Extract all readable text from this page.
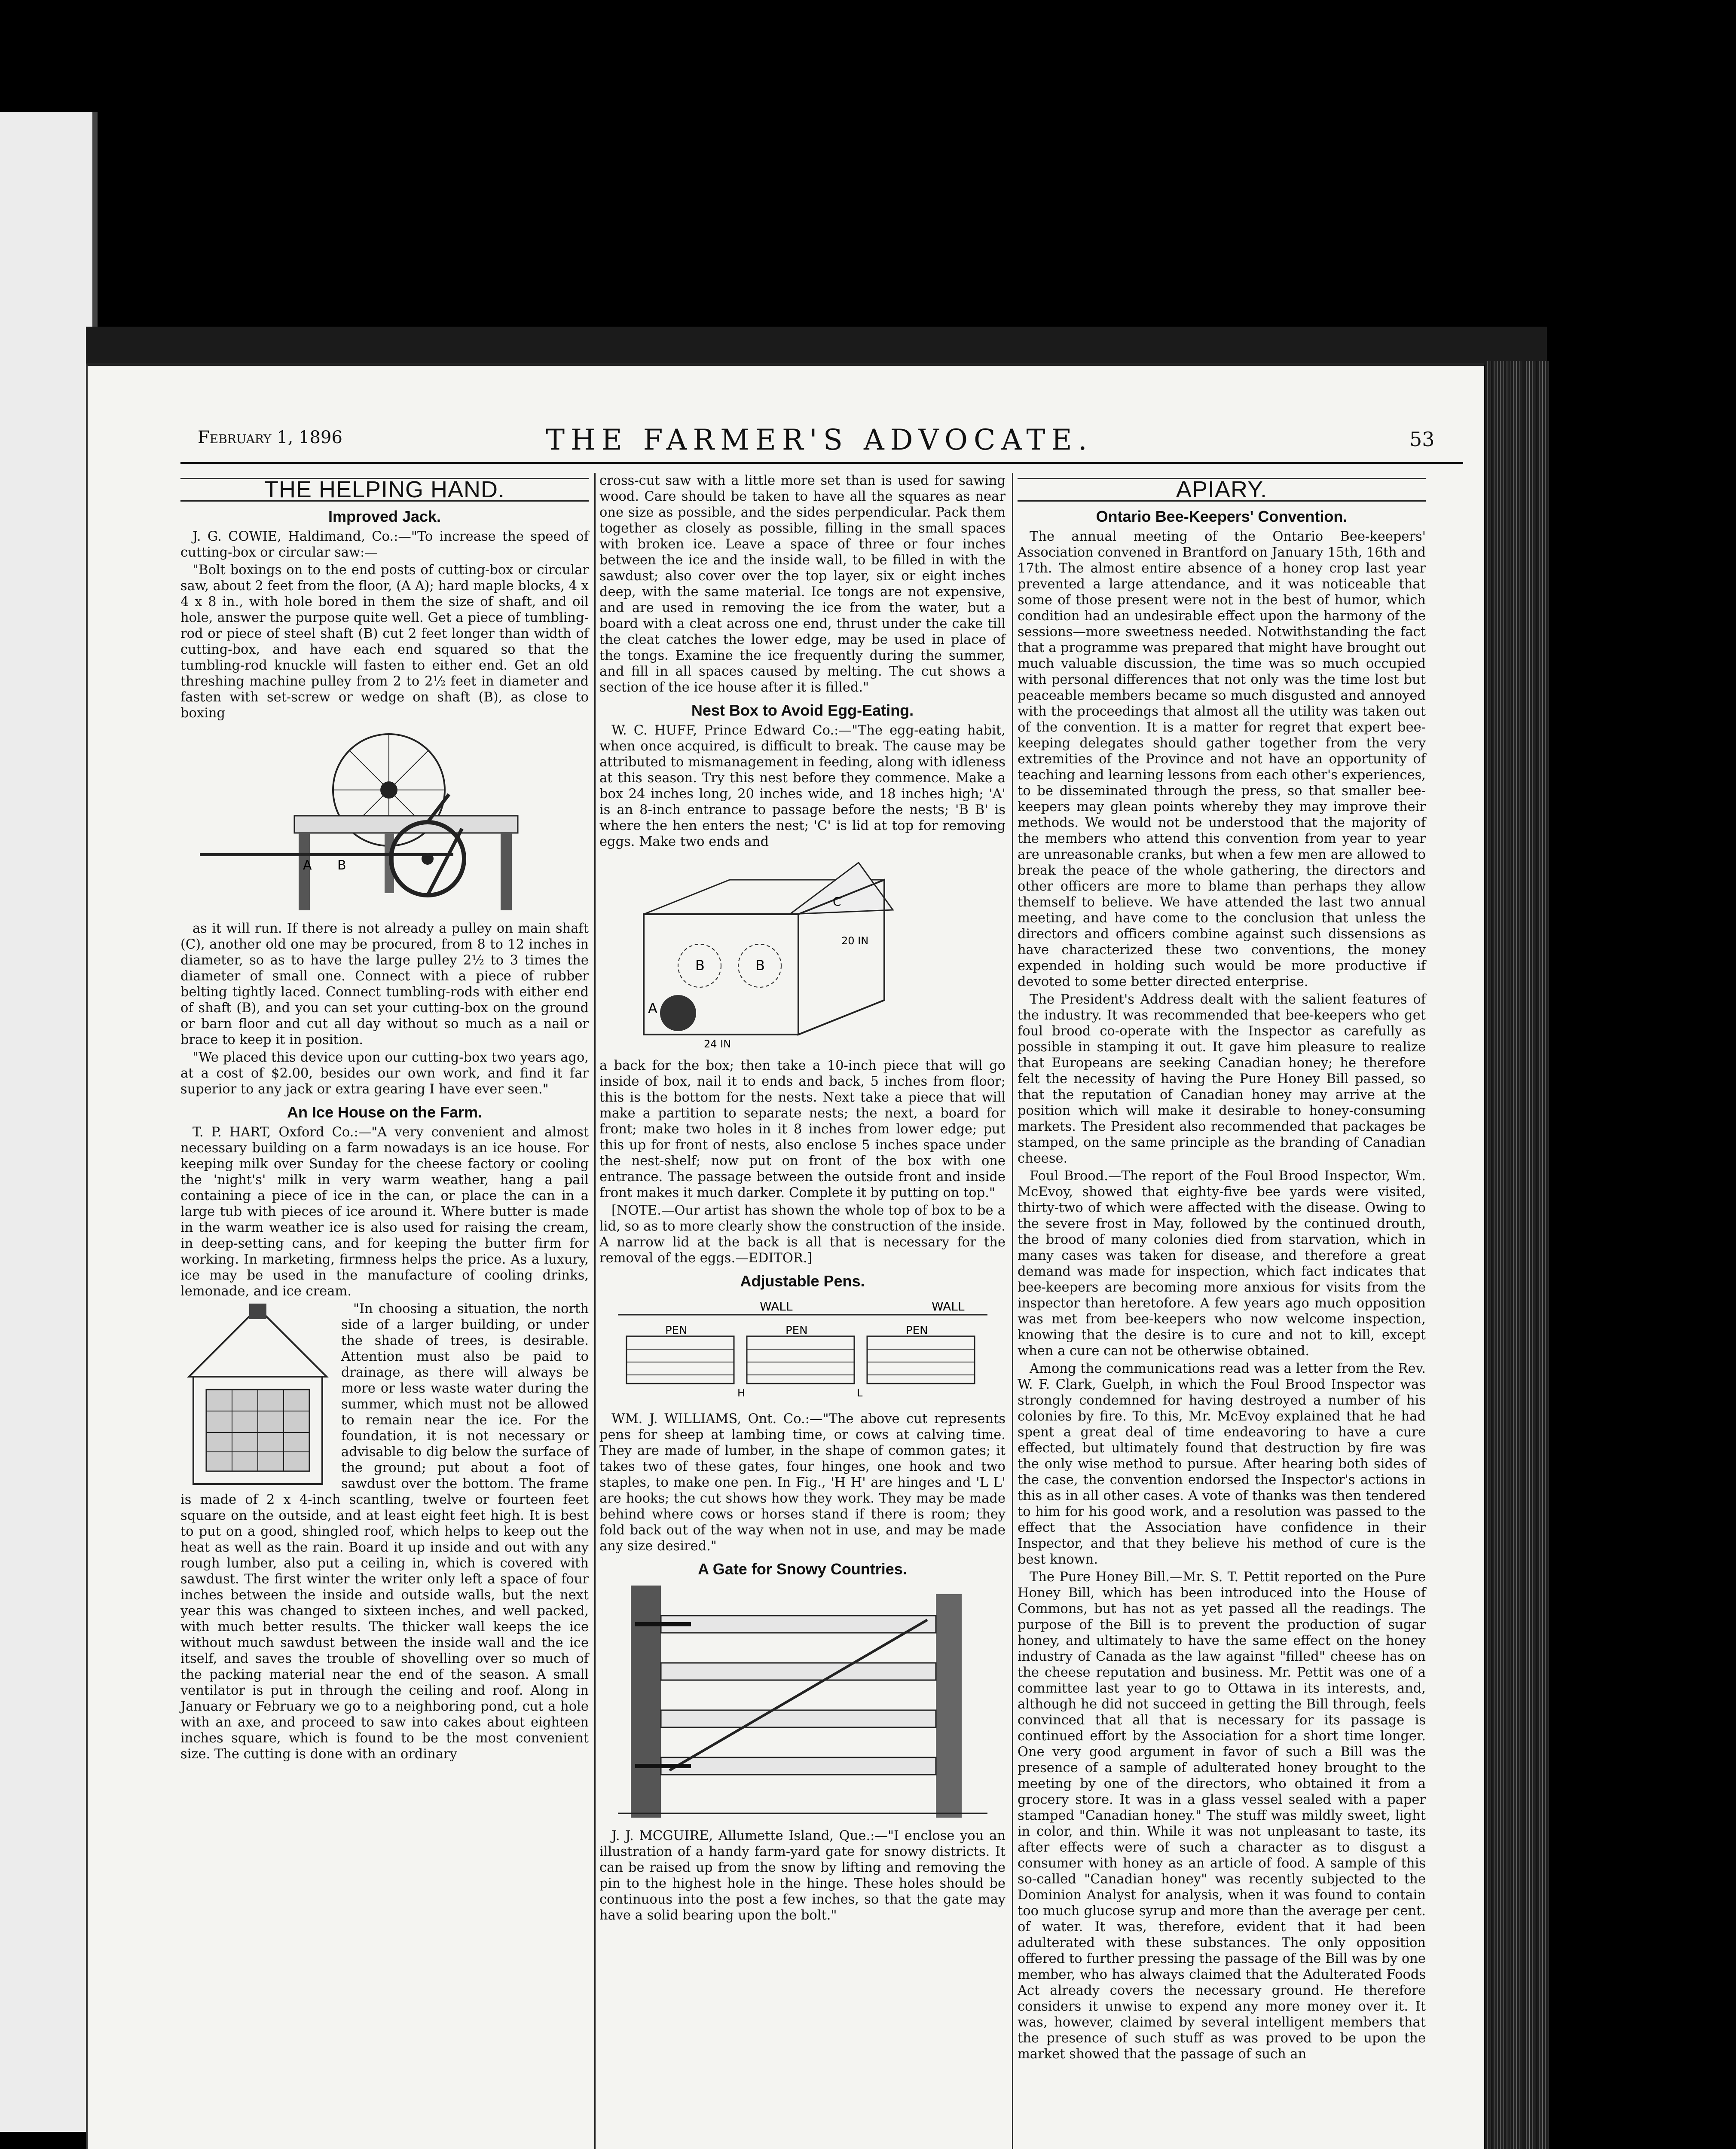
February 1, 1896	THE FARMER'S ADVOCATE.	53
THE HELPING HAND.
Improved Jack.

J. G. COWIE, Haldimand, Co.:—"To increase the speed of cutting-box or circular saw:—

"Bolt boxings on to the end posts of cutting-box or circular saw, about 2 feet from the floor, (A A); hard maple blocks, 4 x 4 x 8 in., with hole bored in them the size of shaft, and oil hole, answer the purpose quite well. Get a piece of tumbling-rod or piece of steel shaft (B) cut 2 feet longer than width of cutting-box, and have each end squared so that the tumbling-rod knuckle will fasten to either end. Get an old threshing machine pulley from 2 to 2½ feet in diameter and fasten with set-screw or wedge on shaft (B), as close to boxing

A B

as it will run. If there is not already a pulley on main shaft (C), another old one may be procured, from 8 to 12 inches in diameter, so as to have the large pulley 2½ to 3 times the diameter of small one. Connect with a piece of rubber belting tightly laced. Connect tumbling-rods with either end of shaft (B), and you can set your cutting-box on the ground or barn floor and cut all day without so much as a nail or brace to keep it in position.

"We placed this device upon our cutting-box two years ago, at a cost of $2.00, besides our own work, and find it far superior to any jack or extra gearing I have ever seen."

An Ice House on the Farm.

T. P. HART, Oxford Co.:—"A very convenient and almost necessary building on a farm nowadays is an ice house. For keeping milk over Sunday for the cheese factory or cooling the 'night's' milk in very warm weather, hang a pail containing a piece of ice in the can, or place the can in a large tub with pieces of ice around it. Where butter is made in the warm weather ice is also used for raising the cream, in deep-setting cans, and for keeping the butter firm for working. In marketing, firmness helps the price. As a luxury, ice may be used in the manufacture of cooling drinks, lemonade, and ice cream.

"In choosing a situation, the north side of a larger building, or under the shade of trees, is desirable. Attention must also be paid to drainage, as there will always be more or less waste water during the summer, which must not be allowed to remain near the ice. For the foundation, it is not necessary or advisable to dig below the surface of the ground; put about a foot of sawdust over the bottom. The frame is made of 2 x 4-inch scantling, twelve or fourteen feet square on the outside, and at least eight feet high. It is best to put on a good, shingled roof, which helps to keep out the heat as well as the rain. Board it up inside and out with any rough lumber, also put a ceiling in, which is covered with sawdust. The first winter the writer only left a space of four inches between the inside and outside walls, but the next year this was changed to sixteen inches, and well packed, with much better results. The thicker wall keeps the ice without much sawdust between the inside wall and the ice itself, and saves the trouble of shovelling over so much of the packing material near the end of the season. A small ventilator is put in through the ceiling and roof. Along in January or February we go to a neighboring pond, cut a hole with an axe, and proceed to saw into cakes about eighteen inches square, which is found to be the most convenient size. The cutting is done with an ordinary

cross-cut saw with a little more set than is used for sawing wood. Care should be taken to have all the squares as near one size as possible, and the sides perpendicular. Pack them together as closely as possible, filling in the small spaces with broken ice. Leave a space of three or four inches between the ice and the inside wall, to be filled in with the sawdust; also cover over the top layer, six or eight inches deep, with the same material. Ice tongs are not expensive, and are used in removing the ice from the water, but a board with a cleat across one end, thrust under the cake till the cleat catches the lower edge, may be used in place of the tongs. Examine the ice frequently during the summer, and fill in all spaces caused by melting. The cut shows a section of the ice house after it is filled."

Nest Box to Avoid Egg-Eating.

W. C. HUFF, Prince Edward Co.:—"The egg-eating habit, when once acquired, is difficult to break. The cause may be attributed to mismanagement in feeding, along with idleness at this season. Try this nest before they commence. Make a box 24 inches long, 20 inches wide, and 18 inches high; 'A' is an 8-inch entrance to passage before the nests; 'B B' is where the hen enters the nest; 'C' is lid at top for removing eggs. Make two ends and

B	B
A
C
20 IN
24 IN

a back for the box; then take a 10-inch piece that will go inside of box, nail it to ends and back, 5 inches from floor; this is the bottom for the nests. Next take a piece that will make a partition to separate nests; the next, a board for front; make two holes in it 8 inches from lower edge; put this up for front of nests, also enclose 5 inches space under the nest-shelf; now put on front of the box with one entrance. The passage between the outside front and inside front makes it much darker. Complete it by putting on top."

[NOTE.—Our artist has shown the whole top of box to be a lid, so as to more clearly show the construction of the inside. A narrow lid at the back is all that is necessary for the removal of the eggs.—EDITOR.]

Adjustable Pens.
WALL	WALL
PEN	PEN	PEN
H	L

WM. J. WILLIAMS, Ont. Co.:—"The above cut represents pens for sheep at lambing time, or cows at calving time. They are made of lumber, in the shape of common gates; it takes two of these gates, four hinges, one hook and two staples, to make one pen. In Fig., 'H H' are hinges and 'L L' are hooks; the cut shows how they work. They may be made behind where cows or horses stand if there is room; they fold back out of the way when not in use, and may be made any size desired."

A Gate for Snowy Countries.

J. J. MCGUIRE, Allumette Island, Que.:—"I enclose you an illustration of a handy farm-yard gate for snowy districts. It can be raised up from the snow by lifting and removing the pin to the highest hole in the hinge. These holes should be continuous into the post a few inches, so that the gate may have a solid bearing upon the bolt."

APIARY.
Ontario Bee-Keepers' Convention.

The annual meeting of the Ontario Bee-keepers' Association convened in Brantford on January 15th, 16th and 17th. The almost entire absence of a honey crop last year prevented a large attendance, and it was noticeable that some of those present were not in the best of humor, which condition had an undesirable effect upon the harmony of the sessions—more sweetness needed. Notwithstanding the fact that a programme was prepared that might have brought out much valuable discussion, the time was so much occupied with personal differences that not only was the time lost but peaceable members became so much disgusted and annoyed with the proceedings that almost all the utility was taken out of the convention. It is a matter for regret that expert bee-keeping delegates should gather together from the very extremities of the Province and not have an opportunity of teaching and learning lessons from each other's experiences, to be disseminated through the press, so that smaller bee-keepers may glean points whereby they may improve their methods. We would not be understood that the majority of the members who attend this convention from year to year are unreasonable cranks, but when a few men are allowed to break the peace of the whole gathering, the directors and other officers are more to blame than perhaps they allow themself to believe. We have attended the last two annual meeting, and have come to the conclusion that unless the directors and officers combine against such dissensions as have characterized these two conventions, the money expended in holding such would be more productive if devoted to some better directed enterprise.

The President's Address dealt with the salient features of the industry. It was recommended that bee-keepers who get foul brood co-operate with the Inspector as carefully as possible in stamping it out. It gave him pleasure to realize that Europeans are seeking Canadian honey; he therefore felt the necessity of having the Pure Honey Bill passed, so that the reputation of Canadian honey may arrive at the position which will make it desirable to honey-consuming markets. The President also recommended that packages be stamped, on the same principle as the branding of Canadian cheese.

Foul Brood.—The report of the Foul Brood Inspector, Wm. McEvoy, showed that eighty-five bee yards were visited, thirty-two of which were affected with the disease. Owing to the severe frost in May, followed by the continued drouth, the brood of many colonies died from starvation, which in many cases was taken for disease, and therefore a great demand was made for inspection, which fact indicates that bee-keepers are becoming more anxious for visits from the inspector than heretofore. A few years ago much opposition was met from bee-keepers who now welcome inspection, knowing that the desire is to cure and not to kill, except when a cure can not be otherwise obtained.

Among the communications read was a letter from the Rev. W. F. Clark, Guelph, in which the Foul Brood Inspector was strongly condemned for having destroyed a number of his colonies by fire. To this, Mr. McEvoy explained that he had spent a great deal of time endeavoring to have a cure effected, but ultimately found that destruction by fire was the only wise method to pursue. After hearing both sides of the case, the convention endorsed the Inspector's actions in this as in all other cases. A vote of thanks was then tendered to him for his good work, and a resolution was passed to the effect that the Association have confidence in their Inspector, and that they believe his method of cure is the best known.

The Pure Honey Bill.—Mr. S. T. Pettit reported on the Pure Honey Bill, which has been introduced into the House of Commons, but has not as yet passed all the readings. The purpose of the Bill is to prevent the production of sugar honey, and ultimately to have the same effect on the honey industry of Canada as the law against "filled" cheese has on the cheese reputation and business. Mr. Pettit was one of a committee last year to go to Ottawa in its interests, and, although he did not succeed in getting the Bill through, feels convinced that all that is necessary for its passage is continued effort by the Association for a short time longer. One very good argument in favor of such a Bill was the presence of a sample of adulterated honey brought to the meeting by one of the directors, who obtained it from a grocery store. It was in a glass vessel sealed with a paper stamped "Canadian honey." The stuff was mildly sweet, light in color, and thin. While it was not unpleasant to taste, its after effects were of such a character as to disgust a consumer with honey as an article of food. A sample of this so-called "Canadian honey" was recently subjected to the Dominion Analyst for analysis, when it was found to contain too much glucose syrup and more than the average per cent. of water. It was, therefore, evident that it had been adulterated with these substances. The only opposition offered to further pressing the passage of the Bill was by one member, who has always claimed that the Adulterated Foods Act already covers the necessary ground. He therefore considers it unwise to expend any more money over it. It was, however, claimed by several intelligent members that the presence of such stuff as was proved to be upon the market showed that the passage of such an
